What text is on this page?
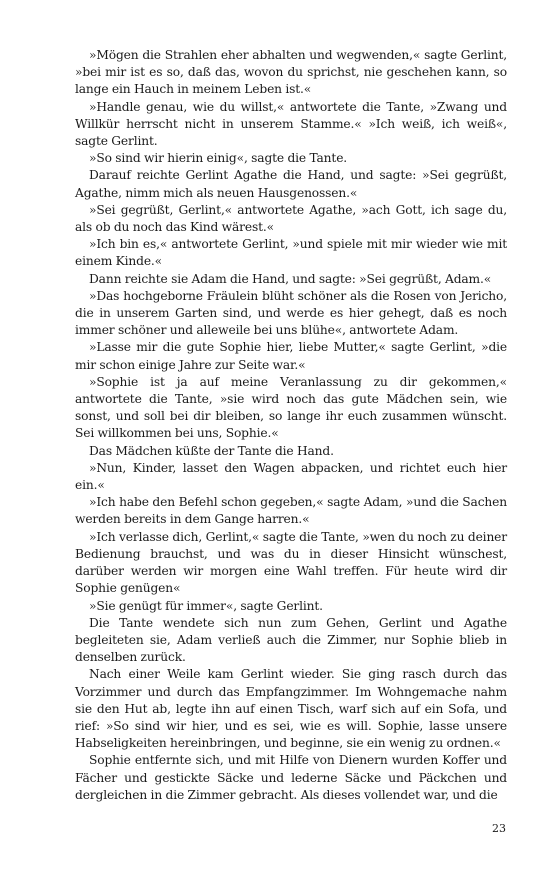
»Mögen die Strahlen eher abhalten und wegwenden,« sagte Gerlint, »bei mir ist es so, daß das, wovon du sprichst, nie geschehen kann, so lange ein Hauch in meinem Leben ist.«

»Handle genau, wie du willst,« antwortete die Tante, »Zwang und Willkür herrscht nicht in unserem Stamme.« »Ich weiß, ich weiß«, sagte Gerlint.

»So sind wir hierin einig«, sagte die Tante.

Darauf reichte Gerlint Agathe die Hand, und sagte: »Sei gegrüßt, Agathe, nimm mich als neuen Hausgenossen.«

»Sei gegrüßt, Gerlint,« antwortete Agathe, »ach Gott, ich sage du, als ob du noch das Kind wärest.«

»Ich bin es,« antwortete Gerlint, »und spiele mit mir wieder wie mit einem Kinde.«

Dann reichte sie Adam die Hand, und sagte: »Sei gegrüßt, Adam.«

»Das hochgeborne Fräulein blüht schöner als die Rosen von Jericho, die in unserem Garten sind, und werde es hier gehegt, daß es noch immer schöner und alleweile bei uns blühe«, antwortete Adam.

»Lasse mir die gute Sophie hier, liebe Mutter,« sagte Gerlint, »die mir schon einige Jahre zur Seite war.«

»Sophie ist ja auf meine Veranlassung zu dir gekommen,« antwortete die Tante, »sie wird noch das gute Mädchen sein, wie sonst, und soll bei dir bleiben, so lange ihr euch zusammen wünscht. Sei willkommen bei uns, Sophie.«

Das Mädchen küßte der Tante die Hand.

»Nun, Kinder, lasset den Wagen abpacken, und richtet euch hier ein.«

»Ich habe den Befehl schon gegeben,« sagte Adam, »und die Sachen werden bereits in dem Gange harren.«

»Ich verlasse dich, Gerlint,« sagte die Tante, »wen du noch zu deiner Bedienung brauchst, und was du in dieser Hinsicht wünschest, darüber werden wir morgen eine Wahl treffen. Für heute wird dir Sophie genügen«

»Sie genügt für immer«, sagte Gerlint.

Die Tante wendete sich nun zum Gehen, Gerlint und Agathe begleiteten sie, Adam verließ auch die Zimmer, nur Sophie blieb in denselben zurück.

Nach einer Weile kam Gerlint wieder. Sie ging rasch durch das Vorzimmer und durch das Empfangzimmer. Im Wohngemache nahm sie den Hut ab, legte ihn auf einen Tisch, warf sich auf ein Sofa, und rief: »So sind wir hier, und es sei, wie es will. Sophie, lasse unsere Habseligkeiten hereinbringen, und beginne, sie ein wenig zu ordnen.«

Sophie entfernte sich, und mit Hilfe von Dienern wurden Koffer und Fächer und gestickte Säcke und lederne Säcke und Päckchen und dergleichen in die Zimmer gebracht. Als dieses vollendet war, und die

23
